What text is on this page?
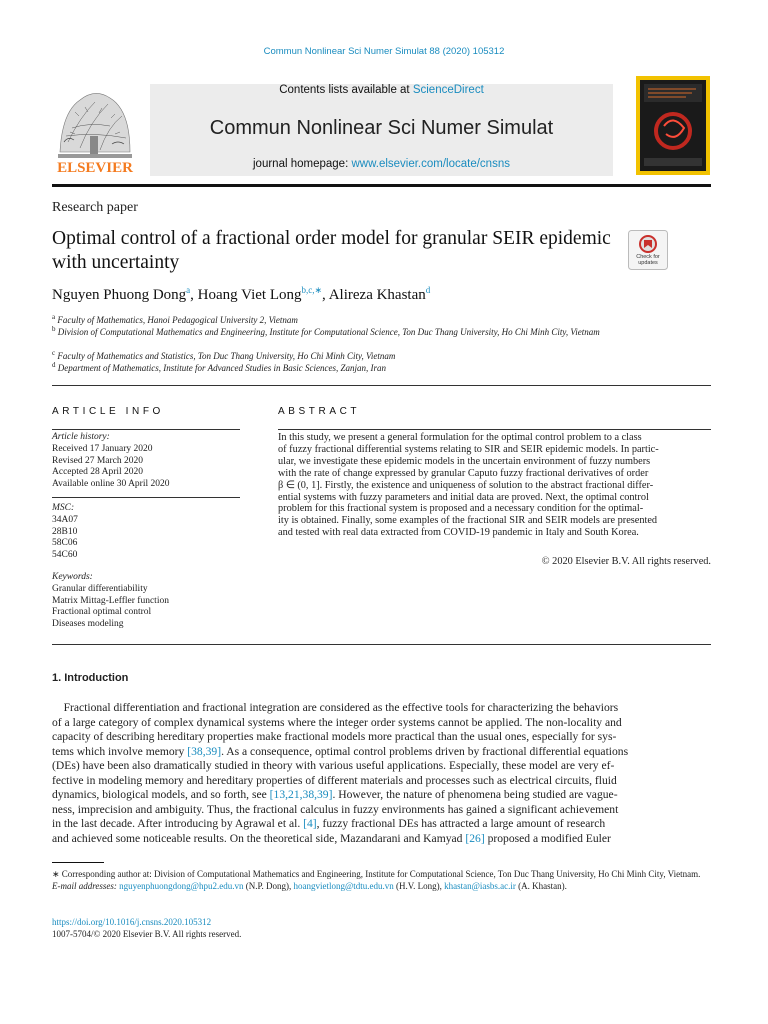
Commun Nonlinear Sci Numer Simulat 88 (2020) 105312
ELSEVIER
Contents lists available at ScienceDirect
Commun Nonlinear Sci Numer Simulat
journal homepage: www.elsevier.com/locate/cnsns
Research paper
Optimal control of a fractional order model for granular SEIR epidemic with uncertainty	Check for updates
Nguyen Phuong Dong$^a$, Hoang Viet Long$^{b,c,∗}$, Alireza Khastan$^d$
$^a$ Faculty of Mathematics, Hanoi Pedagogical University 2, Vietnam
$^b$ Division of Computational Mathematics and Engineering, Institute for Computational Science, Ton Duc Thang University, Ho Chi Minh City, Vietnam
$^c$ Faculty of Mathematics and Statistics, Ton Duc Thang University, Ho Chi Minh City, Vietnam
$^d$ Department of Mathematics, Institute for Advanced Studies in Basic Sciences, Zanjan, Iran
ARTICLE INFO
Article history:
Received 17 January 2020
Revised 27 March 2020
Accepted 28 April 2020
Available online 30 April 2020
MSC:
34A07
28B10
58C06
54C60
Keywords:
Granular differentiability
Matrix Mittag-Leffler function
Fractional optimal control
Diseases modeling
ABSTRACT
In this study, we present a general formulation for the optimal control problem to a class
of fuzzy fractional differential systems relating to SIR and SEIR epidemic models. In partic-
ular, we investigate these epidemic models in the uncertain environment of fuzzy numbers
with the rate of change expressed by granular Caputo fuzzy fractional derivatives of order
β ∈ (0, 1]. Firstly, the existence and uniqueness of solution to the abstract fractional differ-
ential systems with fuzzy parameters and initial data are proved. Next, the optimal control
problem for this fractional system is proposed and a necessary condition for the optimal-
ity is obtained. Finally, some examples of the fractional SIR and SEIR models are presented
and tested with real data extracted from COVID-19 pandemic in Italy and South Korea.
© 2020 Elsevier B.V. All rights reserved.
1. Introduction
Fractional differentiation and fractional integration are considered as the effective tools for characterizing the behaviors
of a large category of complex dynamical systems where the integer order systems cannot be applied. The non-locality and
capacity of describing hereditary properties make fractional models more practical than the usual ones, especially for sys-
tems which involve memory [38,39]. As a consequence, optimal control problems driven by fractional differential equations
(DEs) have been also dramatically studied in theory with various useful applications. Especially, these model are very ef-
fective in modeling memory and hereditary properties of different materials and processes such as electrical circuits, fluid
dynamics, biological models, and so forth, see [13,21,38,39]. However, the nature of phenomena being studied are vague-
ness, imprecision and ambiguity. Thus, the fractional calculus in fuzzy environments has gained a significant achievement
in the last decade. After introducing by Agrawal et al. [4], fuzzy fractional DEs has attracted a large amount of research
and achieved some noticeable results. On the theoretical side, Mazandarani and Kamyad [26] proposed a modified Euler
∗ Corresponding author at: Division of Computational Mathematics and Engineering, Institute for Computational Science, Ton Duc Thang University, Ho Chi Minh City, Vietnam.
E-mail addresses: nguyenphuongdong@hpu2.edu.vn (N.P. Dong), hoangvietlong@tdtu.edu.vn (H.V. Long), khastan@iasbs.ac.ir (A. Khastan).
https://doi.org/10.1016/j.cnsns.2020.105312
1007-5704/© 2020 Elsevier B.V. All rights reserved.
